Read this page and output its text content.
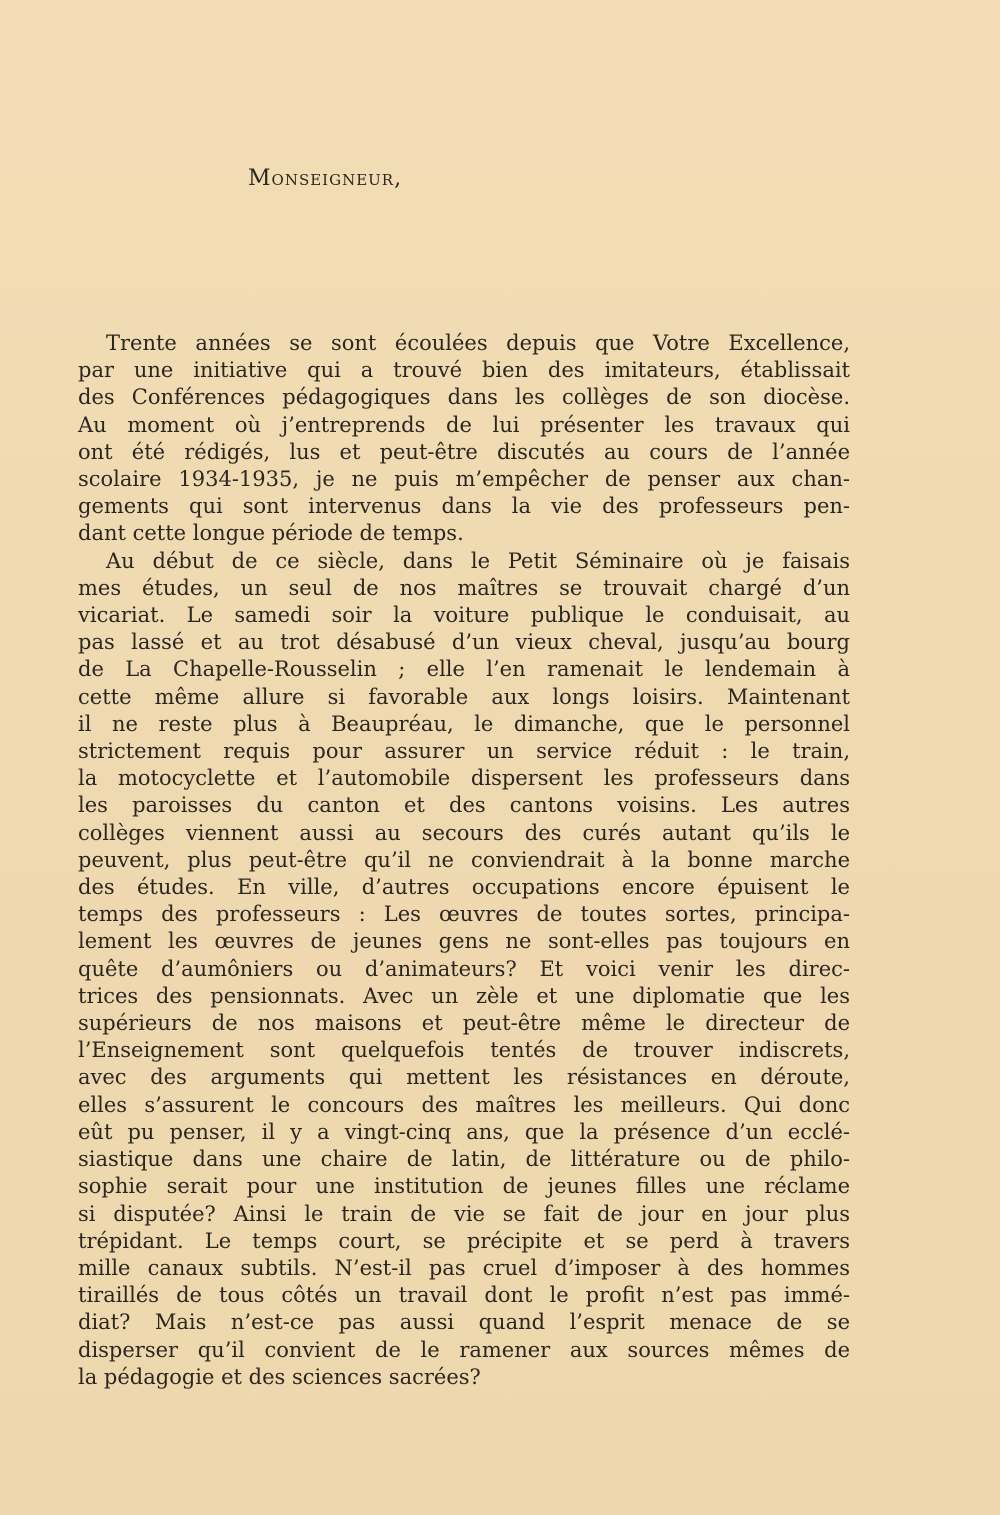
Monseigneur,
Trente années se sont écoulées depuis que Votre Excellence,
par une initiative qui a trouvé bien des imitateurs, établissait
des Conférences pédagogiques dans les collèges de son diocèse.
Au moment où j’entreprends de lui présenter les travaux qui
ont été rédigés, lus et peut-être discutés au cours de l’année
scolaire 1934-1935, je ne puis m’empêcher de penser aux chan-
gements qui sont intervenus dans la vie des professeurs pen-
dant cette longue période de temps.
Au début de ce siècle, dans le Petit Séminaire où je faisais
mes études, un seul de nos maîtres se trouvait chargé d’un
vicariat. Le samedi soir la voiture publique le conduisait, au
pas lassé et au trot désabusé d’un vieux cheval, jusqu’au bourg
de La Chapelle-Rousselin ; elle l’en ramenait le lendemain à
cette même allure si favorable aux longs loisirs. Maintenant
il ne reste plus à Beaupréau, le dimanche, que le personnel
strictement requis pour assurer un service réduit : le train,
la motocyclette et l’automobile dispersent les professeurs dans
les paroisses du canton et des cantons voisins. Les autres
collèges viennent aussi au secours des curés autant qu’ils le
peuvent, plus peut-être qu’il ne conviendrait à la bonne marche
des études. En ville, d’autres occupations encore épuisent le
temps des professeurs : Les œuvres de toutes sortes, principa-
lement les œuvres de jeunes gens ne sont-elles pas toujours en
quête d’aumôniers ou d’animateurs? Et voici venir les direc-
trices des pensionnats. Avec un zèle et une diplomatie que les
supérieurs de nos maisons et peut-être même le directeur de
l’Enseignement sont quelquefois tentés de trouver indiscrets,
avec des arguments qui mettent les résistances en déroute,
elles s’assurent le concours des maîtres les meilleurs. Qui donc
eût pu penser, il y a vingt-cinq ans, que la présence d’un ecclé-
siastique dans une chaire de latin, de littérature ou de philo-
sophie serait pour une institution de jeunes filles une réclame
si disputée? Ainsi le train de vie se fait de jour en jour plus
trépidant. Le temps court, se précipite et se perd à travers
mille canaux subtils. N’est-il pas cruel d’imposer à des hommes
tiraillés de tous côtés un travail dont le profit n’est pas immé-
diat? Mais n’est-ce pas aussi quand l’esprit menace de se
disperser qu’il convient de le ramener aux sources mêmes de
la pédagogie et des sciences sacrées?
